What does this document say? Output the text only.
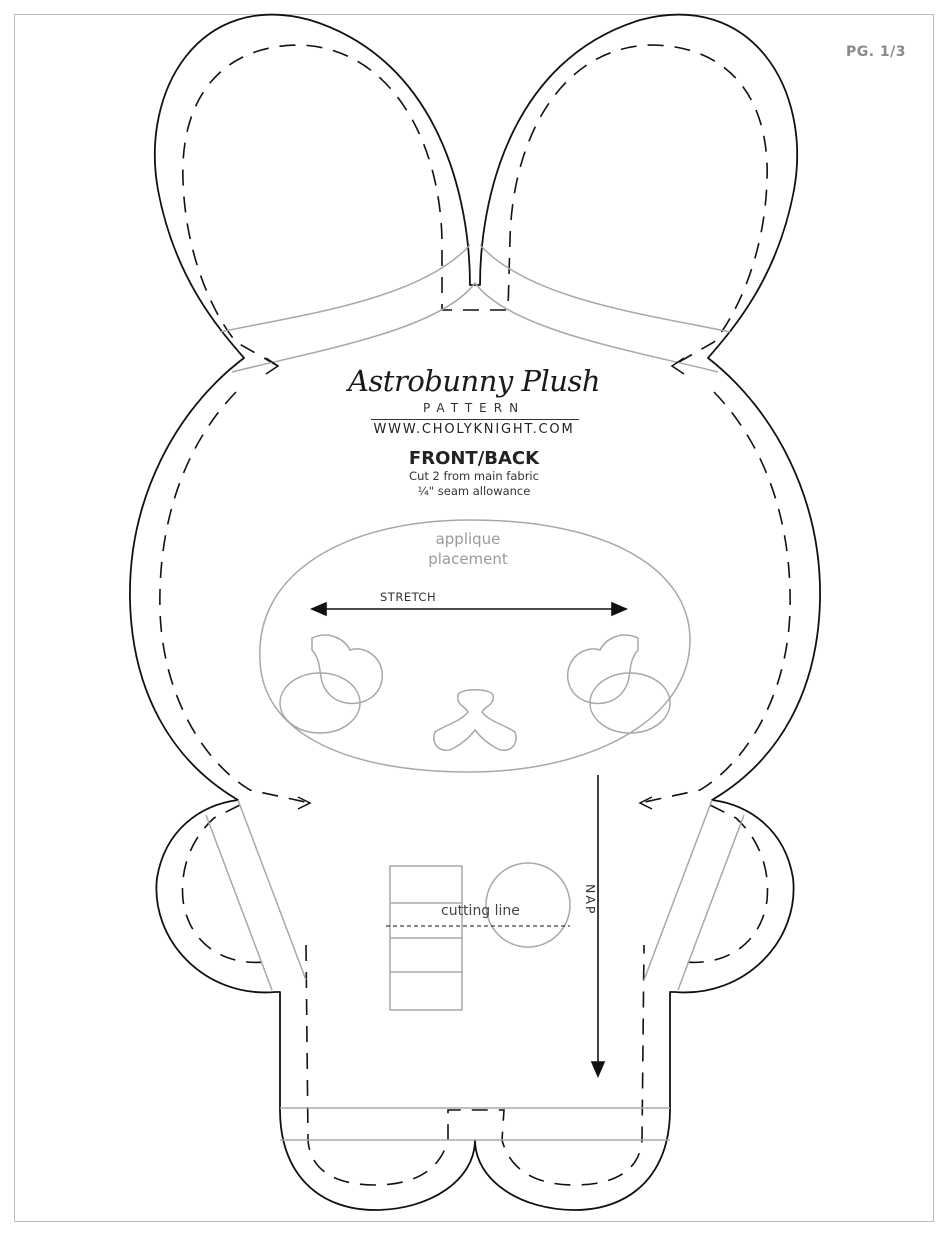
PG. 1/3
Astrobunny Plush
PATTERN
WWW.CHOLYKNIGHT.COM
FRONT/BACK
Cut 2 from main fabric
¼" seam allowance
applique
placement
STRETCH
cutting line	NAP
